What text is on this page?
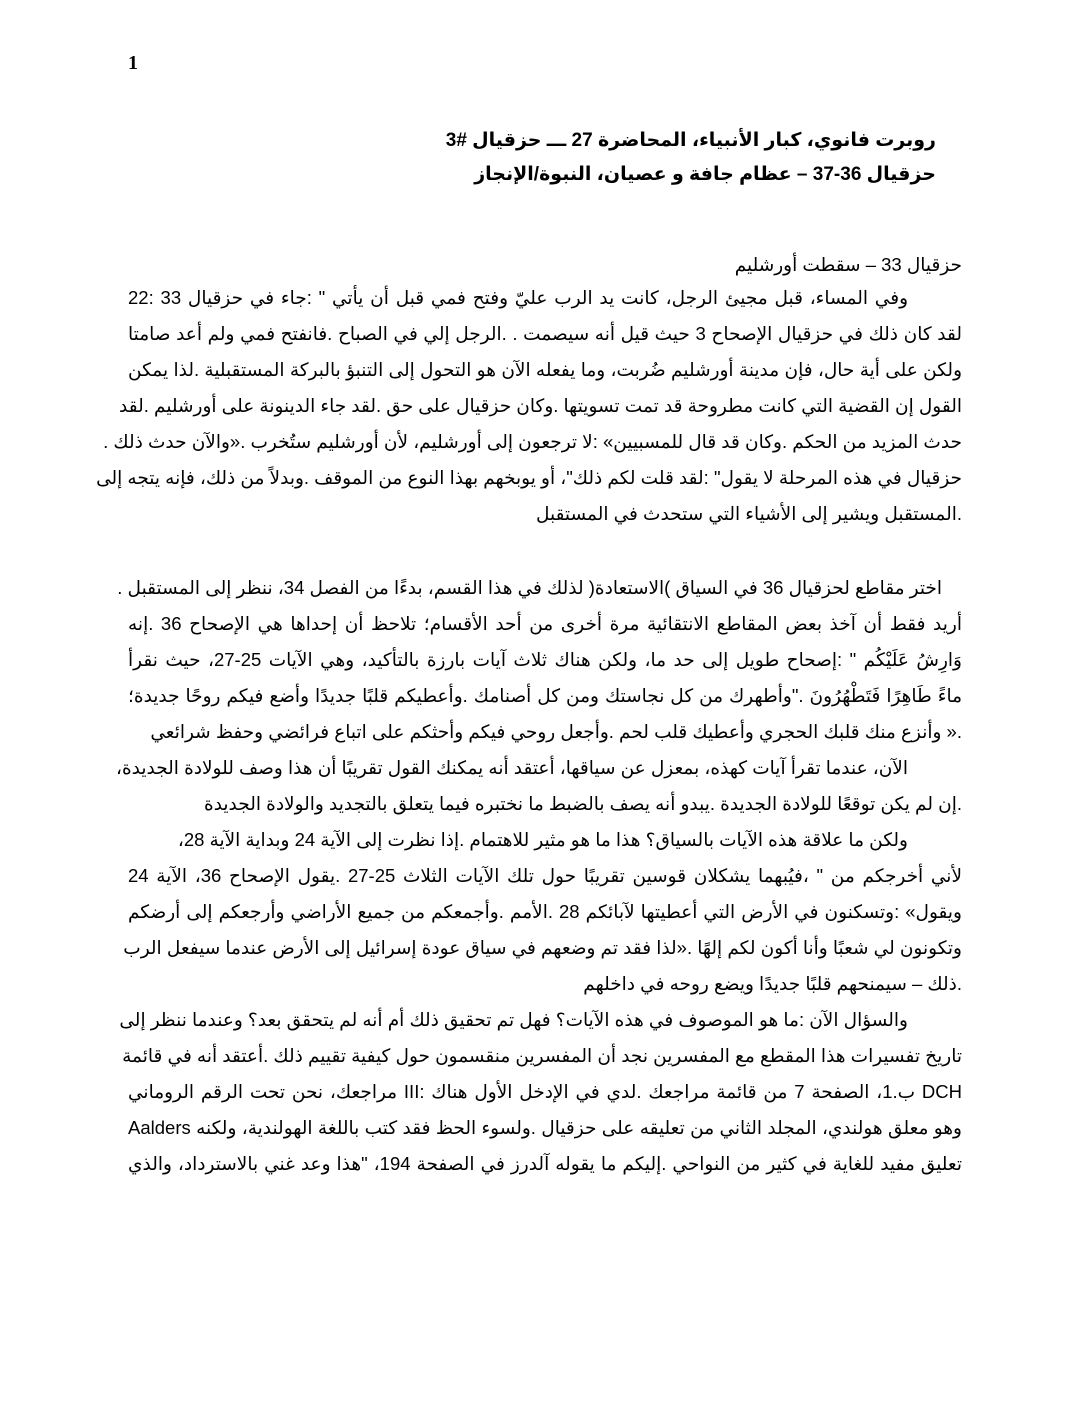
1
روبرت فانوي، كبار الأنبياء، المحاضرة 27 ـــ حزقيال #3
حزقيال 36-37 – عظام جافة و عصيان، النبوة/الإنجاز
حزقيال 33 – سقطت أورشليم
وفي المساء، قبل مجيئ الرجل، كانت يد الرب عليّ وفتح فمي قبل أن يأتي " :جاء في حزقيال 33 :22
لقد كان ذلك في حزقيال الإصحاح 3 حيث قيل أنه سيصمت . .الرجل إلي في الصباح .فانفتح فمي ولم أعد صامتا
ولكن على أية حال، فإن مدينة أورشليم ضُربت، وما يفعله الآن هو التحول إلى التنبؤ بالبركة المستقبلية .لذا يمكن
القول إن القضية التي كانت مطروحة قد تمت تسويتها .وكان حزقيال على حق .لقد جاء الدينونة على أورشليم .لقد
حدث المزيد من الحكم .وكان قد قال للمسبيين» :لا ترجعون إلى أورشليم، لأن أورشليم ستُخرب .«والآن حدث ذلك .
حزقيال في هذه المرحلة لا يقول" :لقد قلت لكم ذلك"، أو يوبخهم بهذا النوع من الموقف .وبدلاً من ذلك، فإنه يتجه إلى
.المستقبل ويشير إلى الأشياء التي ستحدث في المستقبل
اختر مقاطع لحزقيال 36 في السياق )الاستعادة( لذلك في هذا القسم، بدءًا من الفصل 34، ننظر إلى المستقبل .
أريد فقط أن آخذ بعض المقاطع الانتقائية مرة أخرى من أحد الأقسام؛ تلاحظ أن إحداها هي الإصحاح 36 .إنه
وَارِشُ عَلَيْكُم " :إصحاح طويل إلى حد ما، ولكن هناك ثلاث آيات بارزة بالتأكيد، وهي الآيات 25-27، حيث نقرأ
ماءً طَاهِرًا فَتَطْهُرُونَ ."وأطهرك من كل نجاستك ومن كل أصنامك .وأعطيكم قلبًا جديدًا وأضع فيكم روحًا جديدة؛
.« وأنزع منك قلبك الحجري وأعطيك قلب لحم .وأجعل روحي فيكم وأحثكم على اتباع فرائضي وحفظ شرائعي
الآن، عندما تقرأ آيات كهذه، بمعزل عن سياقها، أعتقد أنه يمكنك القول تقريبًا أن هذا وصف للولادة الجديدة،
.إن لم يكن توقعًا للولادة الجديدة .يبدو أنه يصف بالضبط ما نختبره فيما يتعلق بالتجديد والولادة الجديدة
ولكن ما علاقة هذه الآيات بالسياق؟ هذا ما هو مثير للاهتمام .إذا نظرت إلى الآية 24 وبداية الآية 28،
لأني أخرجكم من " ،فيُبهما يشكلان قوسين تقريبًا حول تلك الآيات الثلاث 25-27 .يقول الإصحاح 36، الآية 24
ويقول» :وتسكنون في الأرض التي أعطيتها لآبائكم 28 .الأمم .وأجمعكم من جميع الأراضي وأرجعكم إلى أرضكم
وتكونون لي شعبًا وأنا أكون لكم إلهًا .«لذا فقد تم وضعهم في سياق عودة إسرائيل إلى الأرض عندما سيفعل الرب
.ذلك – سيمنحهم قلبًا جديدًا ويضع روحه في داخلهم
والسؤال الآن :ما هو الموصوف في هذه الآيات؟ فهل تم تحقيق ذلك أم أنه لم يتحقق بعد؟ وعندما ننظر إلى
تاريخ تفسيرات هذا المقطع مع المفسرين نجد أن المفسرين منقسمون حول كيفية تقييم ذلك .أعتقد أنه في قائمة
DCH ب.1، الصفحة 7 من قائمة مراجعك .لدي في الإدخل الأول هناك :III مراجعك، نحن تحت الرقم الروماني
وهو معلق هولندي، المجلد الثاني من تعليقه على حزقيال .ولسوء الحظ فقد كتب باللغة الهولندية، ولكنه Aalders
تعليق مفيد للغاية في كثير من النواحي .إليكم ما يقوله آلدرز في الصفحة 194، "هذا وعد غني بالاسترداد، والذي
